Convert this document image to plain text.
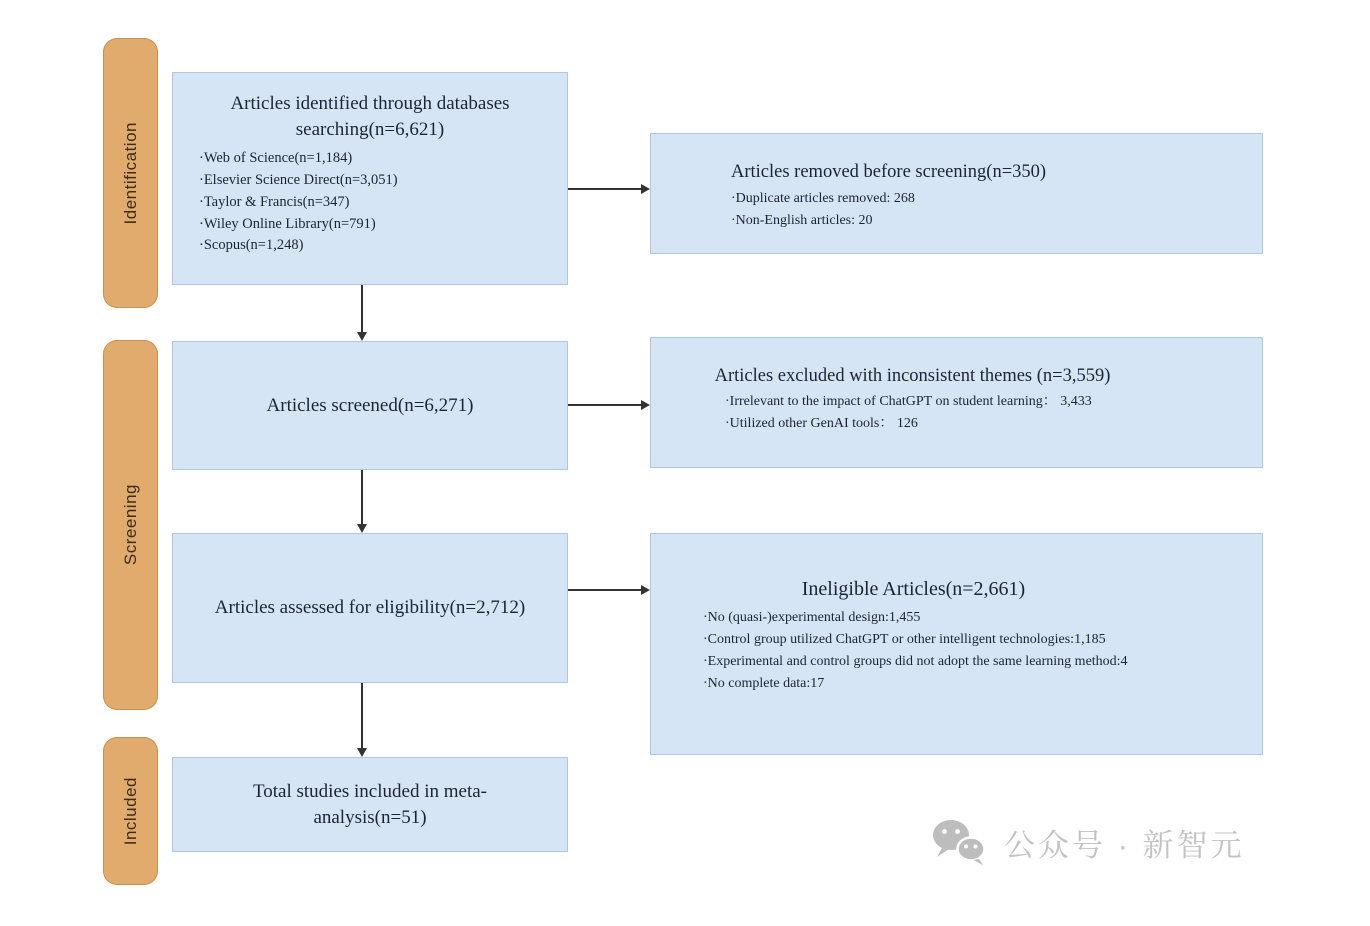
Identification
Screening
Included
Articles identified through databases
searching(n=6,621)
·Web of Science(n=1,184)
·Elsevier Science Direct(n=3,051)
·Taylor & Francis(n=347)
·Wiley Online Library(n=791)
·Scopus(n=1,248)
Articles removed before screening(n=350)
·Duplicate articles removed: 268
·Non-English articles: 20
Articles screened(n=6,271)
Articles excluded with inconsistent themes (n=3,559)
·Irrelevant to the impact of ChatGPT on student learning： 3,433
·Utilized other GenAI tools： 126
Articles assessed for eligibility(n=2,712)
Ineligible Articles(n=2,661)
·No (quasi-)experimental design:1,455
·Control group utilized ChatGPT or other intelligent technologies:1,185
·Experimental and control groups did not adopt the same learning method:4
·No complete data:17
Total studies included in meta-
analysis(n=51)
公众号 · 新智元
